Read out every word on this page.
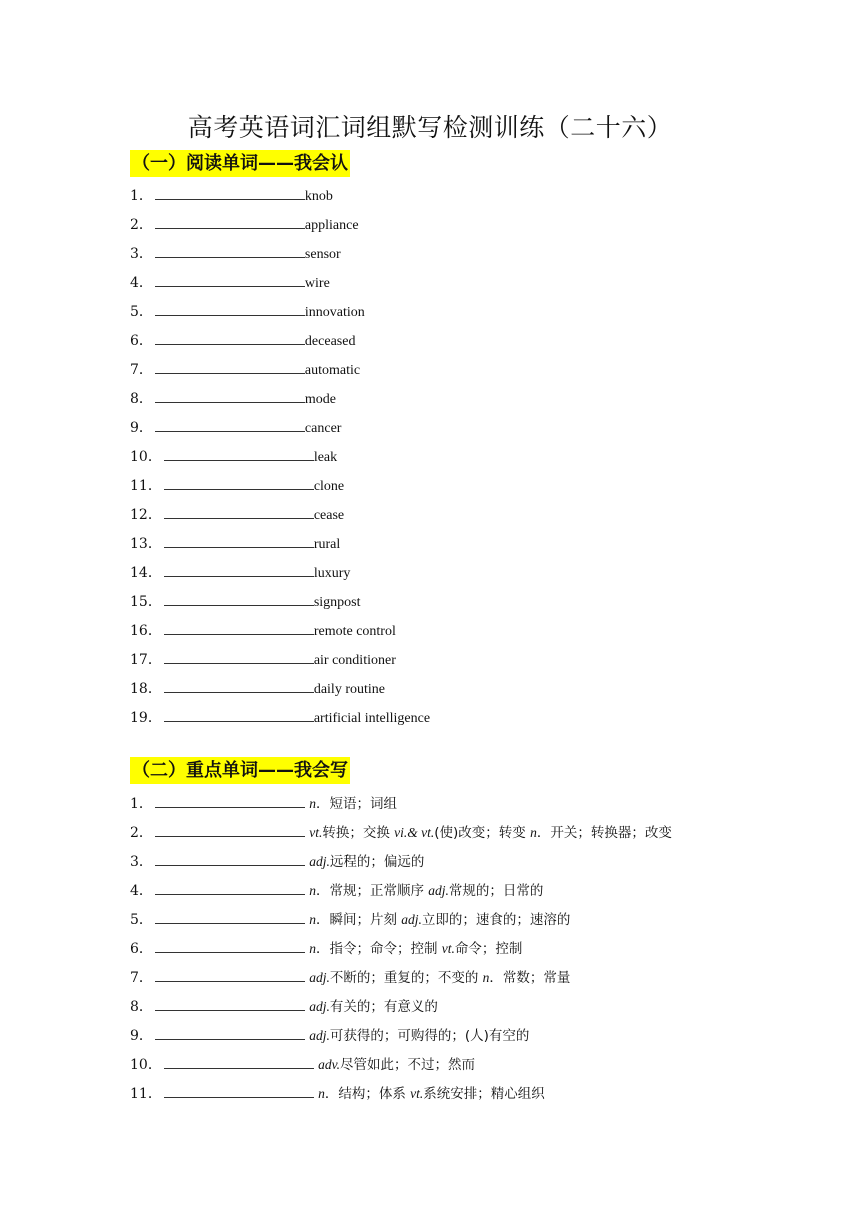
高考英语词汇词组默写检测训练（二十六）
（一）阅读单词——我会认
1．	knob
2．	appliance
3．	sensor
4．	wire
5．	innovation
6．	deceased
7．	automatic
8．	mode
9．	cancer
10．	leak
11．	clone
12．	cease
13．	rural
14．	luxury
15．	signpost
16．	remote control
17．	air conditioner
18．	daily routine
19．	artificial intelligence
（二）重点单词——我会写
1．	n．短语；词组
2．	vt.转换；交换 vi.& vt.(使)改变；转变 n．开关；转换器；改变
3．	adj.远程的；偏远的
4．	n．常规；正常顺序 adj.常规的；日常的
5．	n．瞬间；片刻 adj.立即的；速食的；速溶的
6．	n．指令；命令；控制 vt.命令；控制
7．	adj.不断的；重复的；不变的 n．常数；常量
8．	adj.有关的；有意义的
9．	adj.可获得的；可购得的；(人)有空的
10．	adv.尽管如此；不过；然而
11．	n．结构；体系 vt.系统安排；精心组织
